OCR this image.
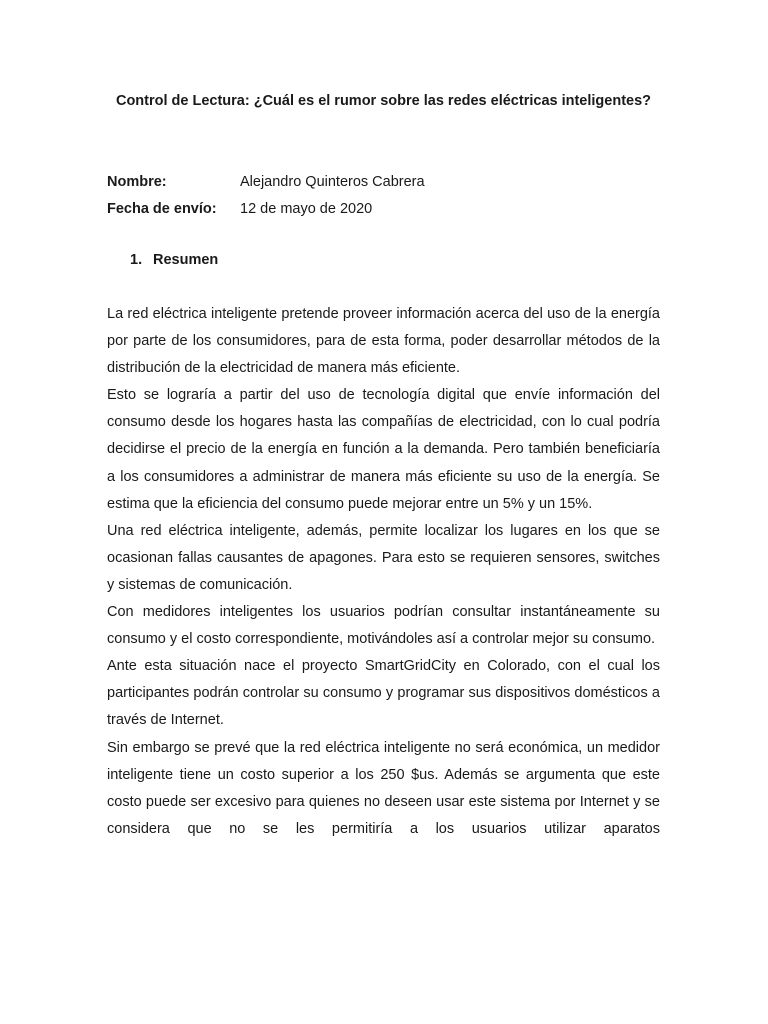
Control de Lectura: ¿Cuál es el rumor sobre las redes eléctricas inteligentes?
Nombre:	Alejandro Quinteros Cabrera
Fecha de envío: 12 de mayo de 2020
1. Resumen

La red eléctrica inteligente pretende proveer información acerca del uso de la energía por parte de los consumidores, para de esta forma, poder desarrollar métodos de la distribución de la electricidad de manera más eficiente.

Esto se lograría a partir del uso de tecnología digital que envíe información del consumo desde los hogares hasta las compañías de electricidad, con lo cual podría decidirse el precio de la energía en función a la demanda. Pero también beneficiaría a los consumidores a administrar de manera más eficiente su uso de la energía. Se estima que la eficiencia del consumo puede mejorar entre un 5% y un 15%.

Una red eléctrica inteligente, además, permite localizar los lugares en los que se ocasionan fallas causantes de apagones. Para esto se requieren sensores, switches y sistemas de comunicación.

Con medidores inteligentes los usuarios podrían consultar instantáneamente su consumo y el costo correspondiente, motivándoles así a controlar mejor su consumo.

Ante esta situación nace el proyecto SmartGridCity en Colorado, con el cual los participantes podrán controlar su consumo y programar sus dispositivos domésticos a través de Internet.

Sin embargo se prevé que la red eléctrica inteligente no será económica, un medidor inteligente tiene un costo superior a los 250 $us. Además se argumenta que este costo puede ser excesivo para quienes no deseen usar este sistema por Internet y se considera que no se les permitiría a los usuarios utilizar aparatos
